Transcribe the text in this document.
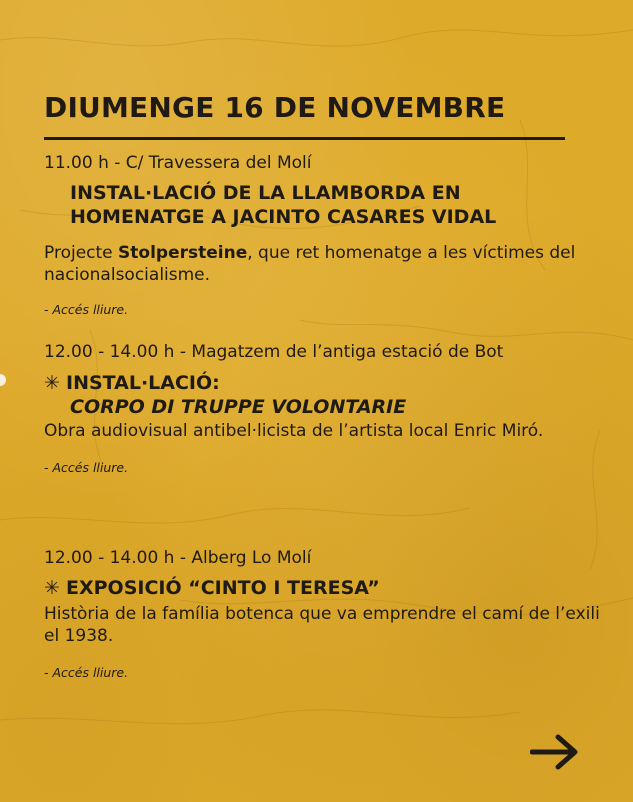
DIUMENGE 16 DE NOVEMBRE

11.00 h - C/ Travessera del Molí

INSTAL·LACIÓ DE LA LLAMBORDA EN

HOMENATGE A JACINTO CASARES VIDAL

Projecte Stolpersteine, que ret homenatge a les víctimes del nacionalsocialisme.

- Accés lliure.

12.00 - 14.00 h - Magatzem de l’antiga estació de Bot

✳ INSTAL·LACIÓ:

CORPO DI TRUPPE VOLONTARIE

Obra audiovisual antibel·licista de l’artista local Enric Miró.

- Accés lliure.

12.00 - 14.00 h - Alberg Lo Molí

✳ EXPOSICIÓ “CINTO I TERESA”

Història de la família botenca que va emprendre el camí de l’exili el 1938.

- Accés lliure.
